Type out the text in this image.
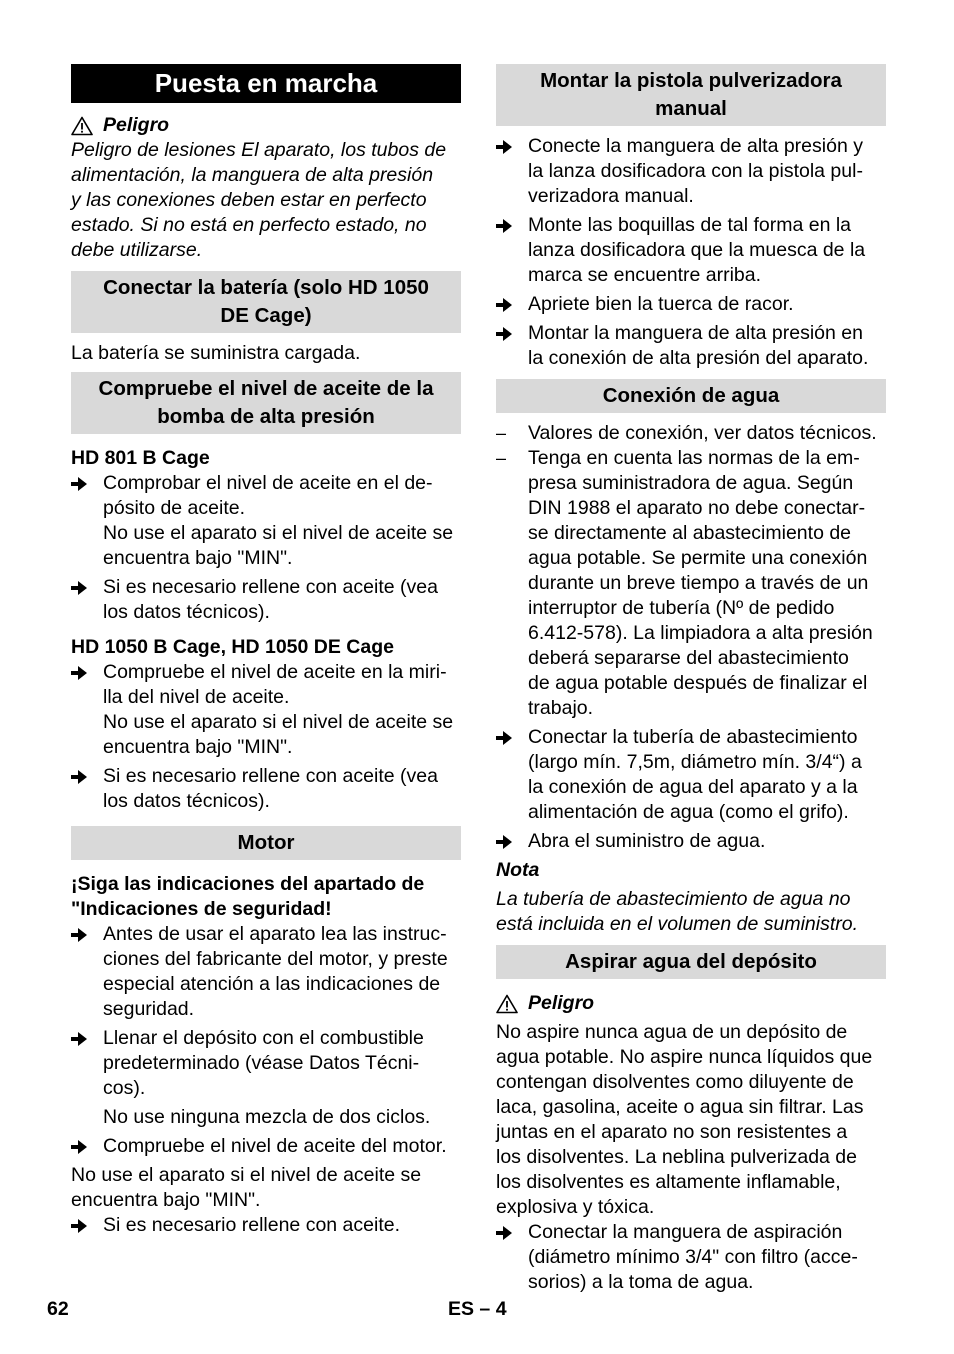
Puesta en marcha
Peligro

Peligro de lesiones El aparato, los tubos de

alimentación, la manguera de alta presión

y las conexiones deben estar en perfecto

estado. Si no está en perfecto estado, no

debe utilizarse.

Conectar la batería (solo HD 1050
DE Cage)

La batería se suministra cargada.

Compruebe el nivel de aceite de la
bomba de alta presión

HD 801 B Cage

Comprobar el nivel de aceite en el de-
pósito de aceite.

No use el aparato si el nivel de aceite se

encuentra bajo "MIN".

Si es necesario rellene con aceite (vea
los datos técnicos).

HD 1050 B Cage, HD 1050 DE Cage

Compruebe el nivel de aceite en la miri-
lla del nivel de aceite.

No use el aparato si el nivel de aceite se

encuentra bajo "MIN".

Si es necesario rellene con aceite (vea
los datos técnicos).
Motor

¡Siga las indicaciones del apartado de

"Indicaciones de seguridad!

Antes de usar el aparato lea las instruc-
ciones del fabricante del motor, y preste
especial atención a las indicaciones de
seguridad.
Llenar el depósito con el combustible
predeterminado (véase Datos Técni-
cos).

No use ninguna mezcla de dos ciclos.

Compruebe el nivel de aceite del motor.

No use el aparato si el nivel de aceite se

encuentra bajo "MIN".

Si es necesario rellene con aceite.
Montar la pistola pulverizadora
manual
Conecte la manguera de alta presión y
la lanza dosificadora con la pistola pul-
verizadora manual.
Monte las boquillas de tal forma en la
lanza dosificadora que la muesca de la
marca se encuentre arriba.
Apriete bien la tuerca de racor.
Montar la manguera de alta presión en
la conexión de alta presión del aparato.
Conexión de agua
–	Valores de conexión, ver datos técnicos.
–	Tenga en cuenta las normas de la em-
presa suministradora de agua. Según
DIN 1988 el aparato no debe conectar-
se directamente al abastecimiento de
agua potable. Se permite una conexión
durante un breve tiempo a través de un
interruptor de tubería (Nº de pedido
6.412-578). La limpiadora a alta presión
deberá separarse del abastecimiento
de agua potable después de finalizar el
trabajo.
Conectar la tubería de abastecimiento
(largo mín. 7,5m, diámetro mín. 3/4“) a
la conexión de agua del aparato y a la
alimentación de agua (como el grifo).
Abra el suministro de agua.

Nota

La tubería de abastecimiento de agua no

está incluida en el volumen de suministro.

Aspirar agua del depósito
Peligro

No aspire nunca agua de un depósito de

agua potable. No aspire nunca líquidos que

contengan disolventes como diluyente de

laca, gasolina, aceite o agua sin filtrar. Las

juntas en el aparato no son resistentes a

los disolventes. La neblina pulverizada de

los disolventes es altamente inflamable,

explosiva y tóxica.

Conectar la manguera de aspiración
(diámetro mínimo 3/4" con filtro (acce-
sorios) a la toma de agua.
62	ES – 4
